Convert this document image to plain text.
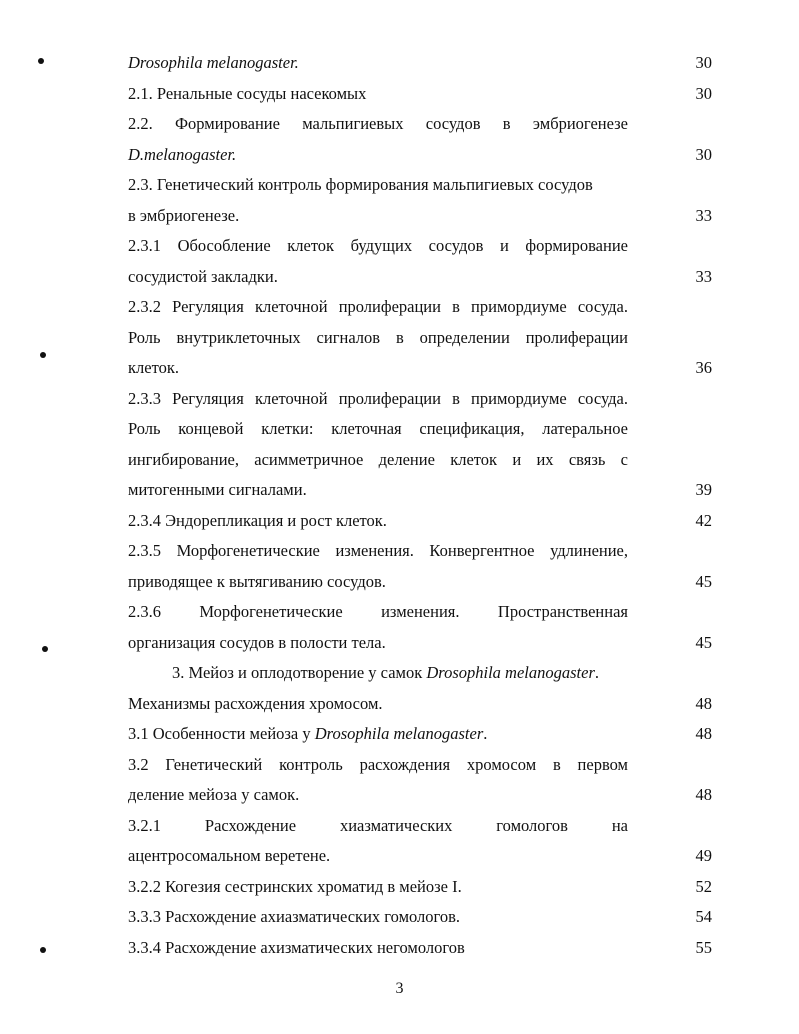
Drosophila melanogaster.	30
2.1. Ренальные сосуды насекомых	30
2.2. Формирование мальпигиевых сосудов в эмбриогенезе
D.melanogaster.	30
2.3. Генетический контроль формирования мальпигиевых сосудов
в эмбриогенезе.	33
2.3.1 Обособление клеток будущих сосудов и формирование
сосудистой закладки.	33
2.3.2 Регуляция клеточной пролиферации в примордиуме сосуда.
Роль внутриклеточных сигналов в определении пролиферации
клеток.	36
2.3.3 Регуляция клеточной пролиферации в примордиуме сосуда.
Роль концевой клетки: клеточная спецификация, латеральное
ингибирование, асимметричное деление клеток и их связь с
митогенными сигналами.	39
2.3.4 Эндорепликация и рост клеток.	42
2.3.5 Морфогенетические изменения. Конвергентное удлинение,
приводящее к вытягиванию сосудов.	45
2.3.6 Морфогенетические изменения. Пространственная
организация сосудов в полости тела.	45
3. Мейоз и оплодотворение у самок Drosophila melanogaster.
Механизмы расхождения хромосом.	48
3.1 Особенности мейоза у Drosophila melanogaster.	48
3.2 Генетический контроль расхождения хромосом в первом
деление мейоза у самок.	48
3.2.1 Расхождение хиазматических гомологов на
ацентросомальном веретене.	49
3.2.2 Когезия сестринских хроматид в мейозе I.	52
3.3.3 Расхождение ахиазматических гомологов.	54
3.3.4 Расхождение ахизматических негомологов	55
3
